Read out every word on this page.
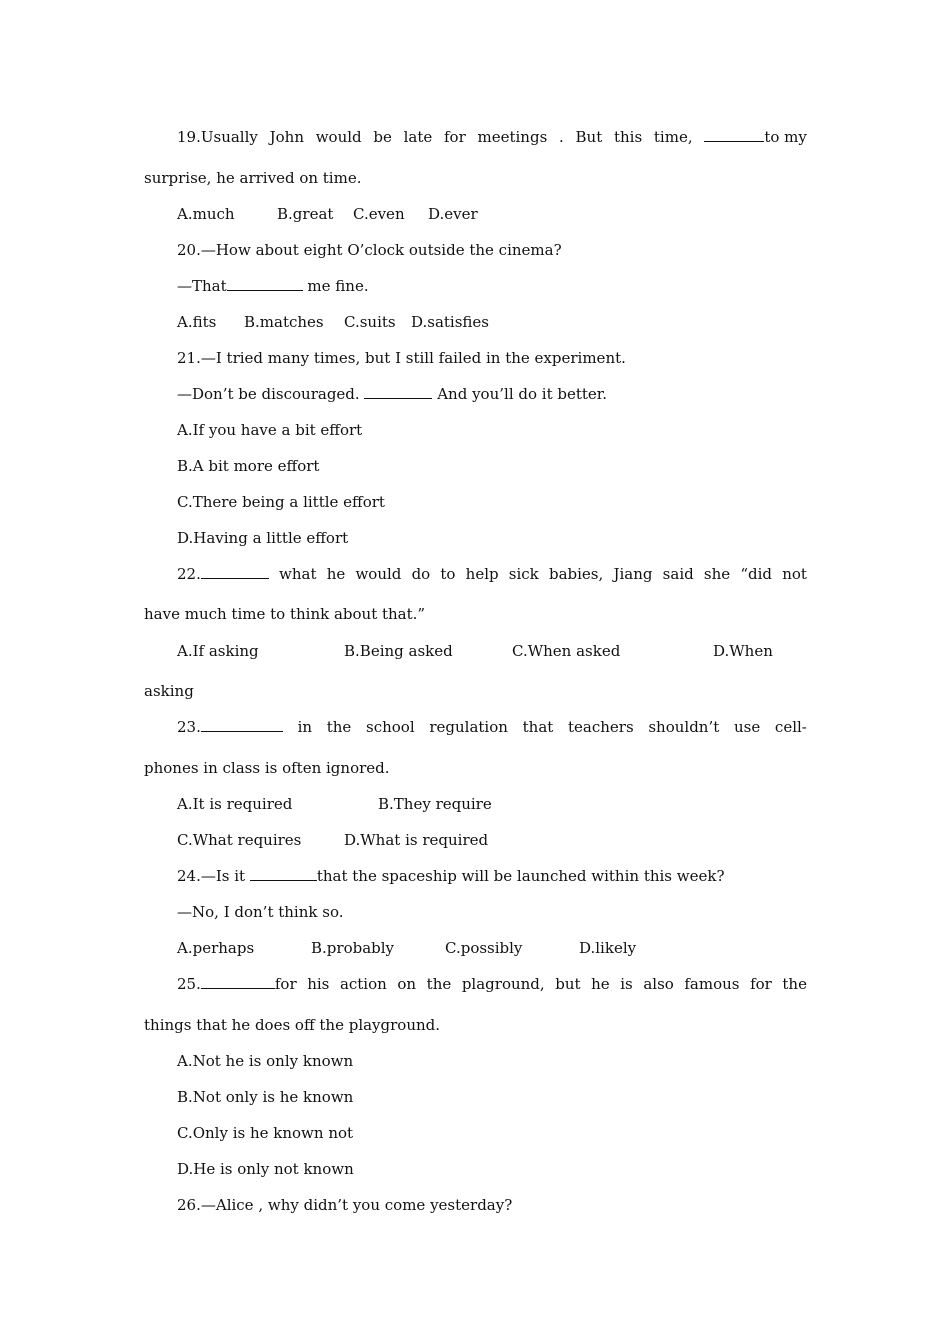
19.Usually John would be late for meetings . But this time,	to my
surprise, he arrived on time.
A.much	B.great C.even D.ever
20.—How about eight O’clock outside the cinema?
—That	me fine.
A.fits B.matches C.suits D.satisfies
21.—I tried many times, but I still failed in the experiment.
—Don’t be discouraged.	And you’ll do it better.
A.If you have a bit effort
B.A bit more effort
C.There being a little effort
D.Having a little effort
22.	what he would do to help sick babies, Jiang said she “did not
have much time to think about that.”
A.If asking	B.Being asked	C.When asked	D.When
asking
23.	in the school regulation that teachers shouldn’t use cell-
phones in class is often ignored.
A.It is required	B.They require
C.What requires	D.What is required
24.—Is it	that the spaceship will be launched within this week?
—No, I don’t think so.
A.perhaps	B.probably	C.possibly	D.likely
25.	for his action on the plaground, but he is also famous for the
things that he does off the playground.
A.Not he is only known
B.Not only is he known
C.Only is he known not
D.He is only not known
26.—Alice , why didn’t you come yesterday?
